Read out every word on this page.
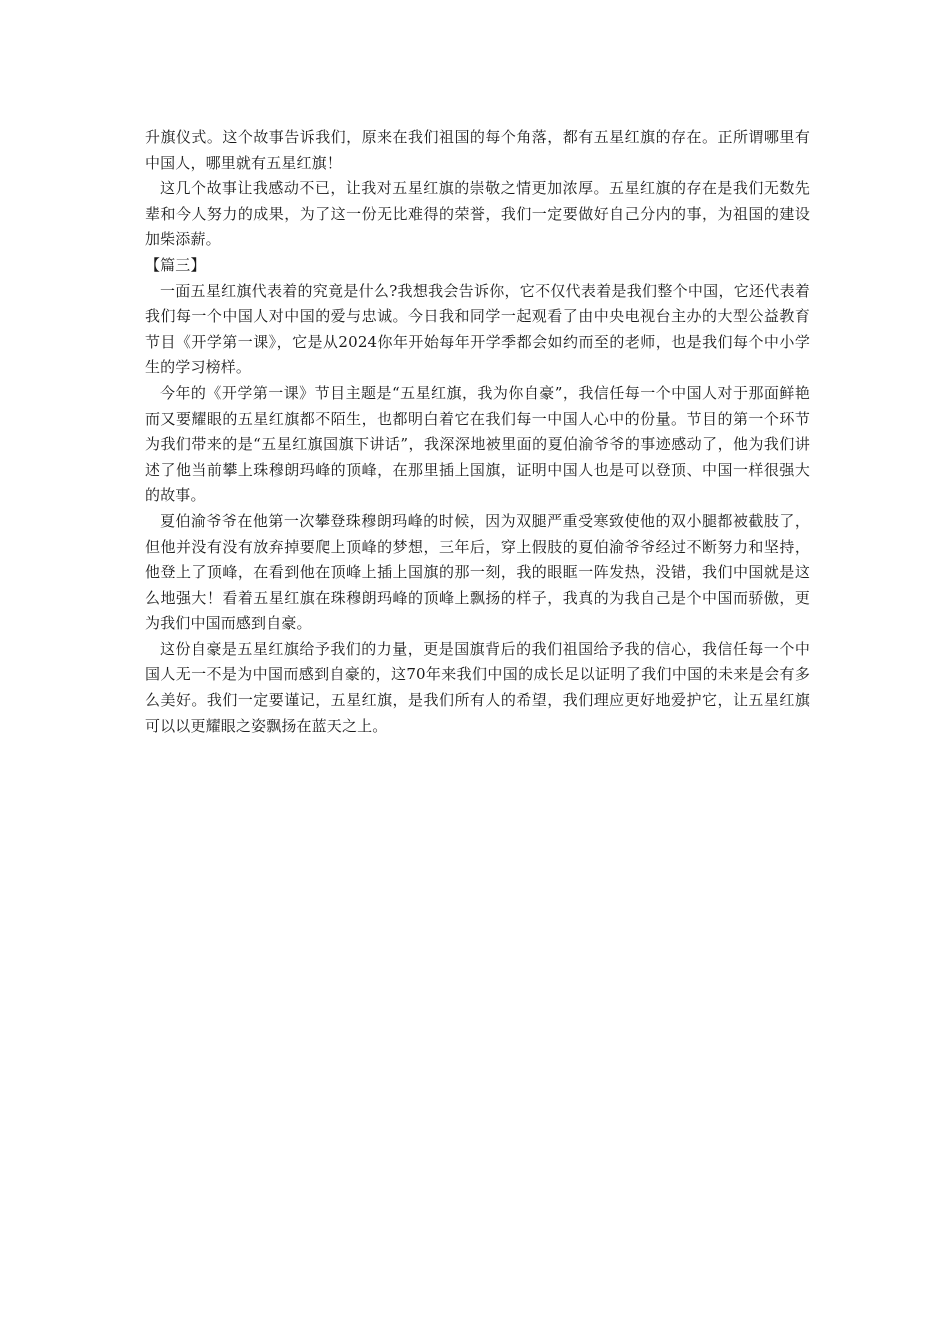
升旗仪式。这个故事告诉我们，原来在我们祖国的每个角落，都有五星红旗的存在。正所谓哪里有中国人，哪里就有五星红旗！

这几个故事让我感动不已，让我对五星红旗的崇敬之情更加浓厚。五星红旗的存在是我们无数先辈和今人努力的成果，为了这一份无比难得的荣誉，我们一定要做好自己分内的事，为祖国的建设加柴添薪。

【篇三】

一面五星红旗代表着的究竟是什么?我想我会告诉你，它不仅代表着是我们整个中国，它还代表着我们每一个中国人对中国的爱与忠诚。今日我和同学一起观看了由中央电视台主办的大型公益教育节目《开学第一课》，它是从2024你年开始每年开学季都会如约而至的老师，也是我们每个中小学生的学习榜样。

今年的《开学第一课》节目主题是“五星红旗，我为你自豪”，我信任每一个中国人对于那面鲜艳而又要耀眼的五星红旗都不陌生，也都明白着它在我们每一中国人心中的份量。节目的第一个环节为我们带来的是“五星红旗国旗下讲话”，我深深地被里面的夏伯渝爷爷的事迹感动了，他为我们讲述了他当前攀上珠穆朗玛峰的顶峰，在那里插上国旗，证明中国人也是可以登顶、中国一样很强大的故事。

夏伯渝爷爷在他第一次攀登珠穆朗玛峰的时候，因为双腿严重受寒致使他的双小腿都被截肢了，但他并没有没有放弃掉要爬上顶峰的梦想，三年后，穿上假肢的夏伯渝爷爷经过不断努力和坚持，他登上了顶峰，在看到他在顶峰上插上国旗的那一刻，我的眼眶一阵发热，没错，我们中国就是这么地强大！看着五星红旗在珠穆朗玛峰的顶峰上飘扬的样子，我真的为我自己是个中国而骄傲，更为我们中国而感到自豪。

这份自豪是五星红旗给予我们的力量，更是国旗背后的我们祖国给予我的信心，我信任每一个中国人无一不是为中国而感到自豪的，这70年来我们中国的成长足以证明了我们中国的未来是会有多么美好。我们一定要谨记，五星红旗，是我们所有人的希望，我们理应更好地爱护它，让五星红旗可以以更耀眼之姿飘扬在蓝天之上。
